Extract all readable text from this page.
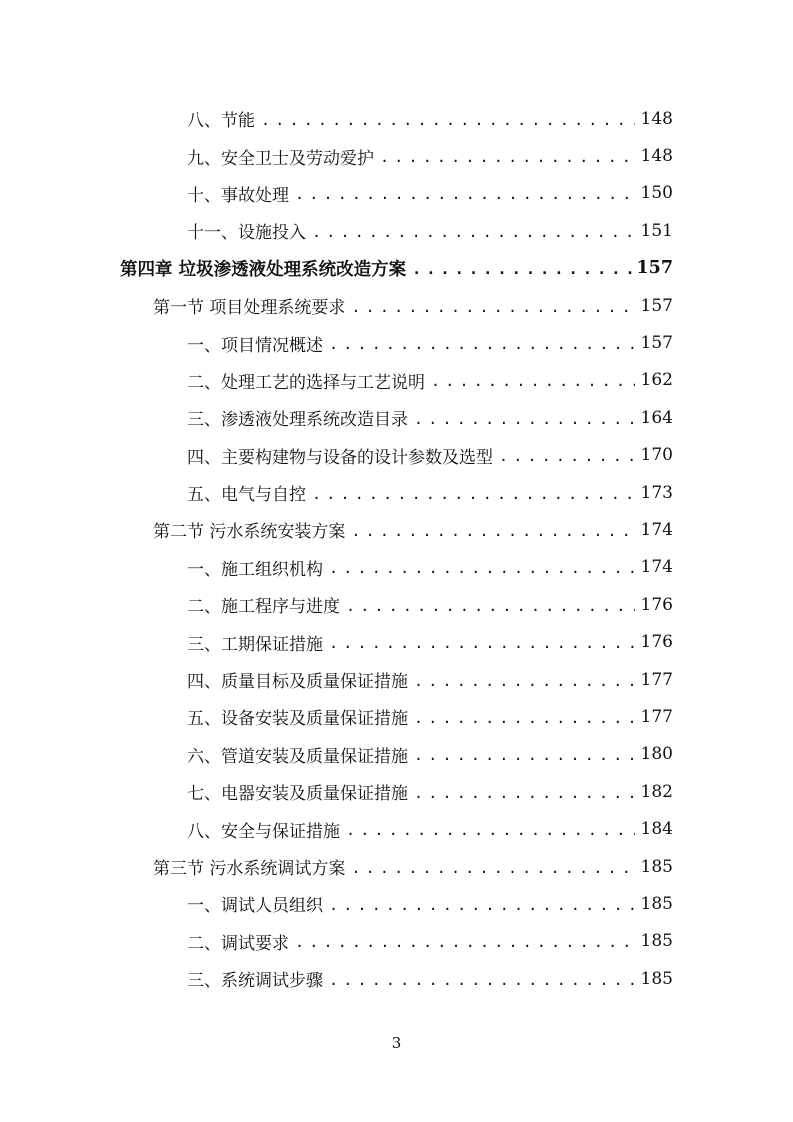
八、节能 .....	148
九、安全卫士及劳动爱护 .....	148
十、事故处理 .....	150
十一、设施投入 .....	151
第四章 垃圾渗透液处理系统改造方案 .....	157
第一节 项目处理系统要求 .....	157
一、项目情况概述 .....	157
二、处理工艺的选择与工艺说明 .....	162
三、渗透液处理系统改造目录 .....	164
四、主要构建物与设备的设计参数及选型 .....	170
五、电气与自控 .....	173
第二节 污水系统安装方案 .....	174
一、施工组织机构 .....	174
二、施工程序与进度 .....	176
三、工期保证措施 .....	176
四、质量目标及质量保证措施 .....	177
五、设备安装及质量保证措施 .....	177
六、管道安装及质量保证措施 .....	180
七、电器安装及质量保证措施 .....	182
八、安全与保证措施 .....	184
第三节 污水系统调试方案 .....	185
一、调试人员组织 .....	185
二、调试要求 .....	185
三、系统调试步骤 .....	185
3
